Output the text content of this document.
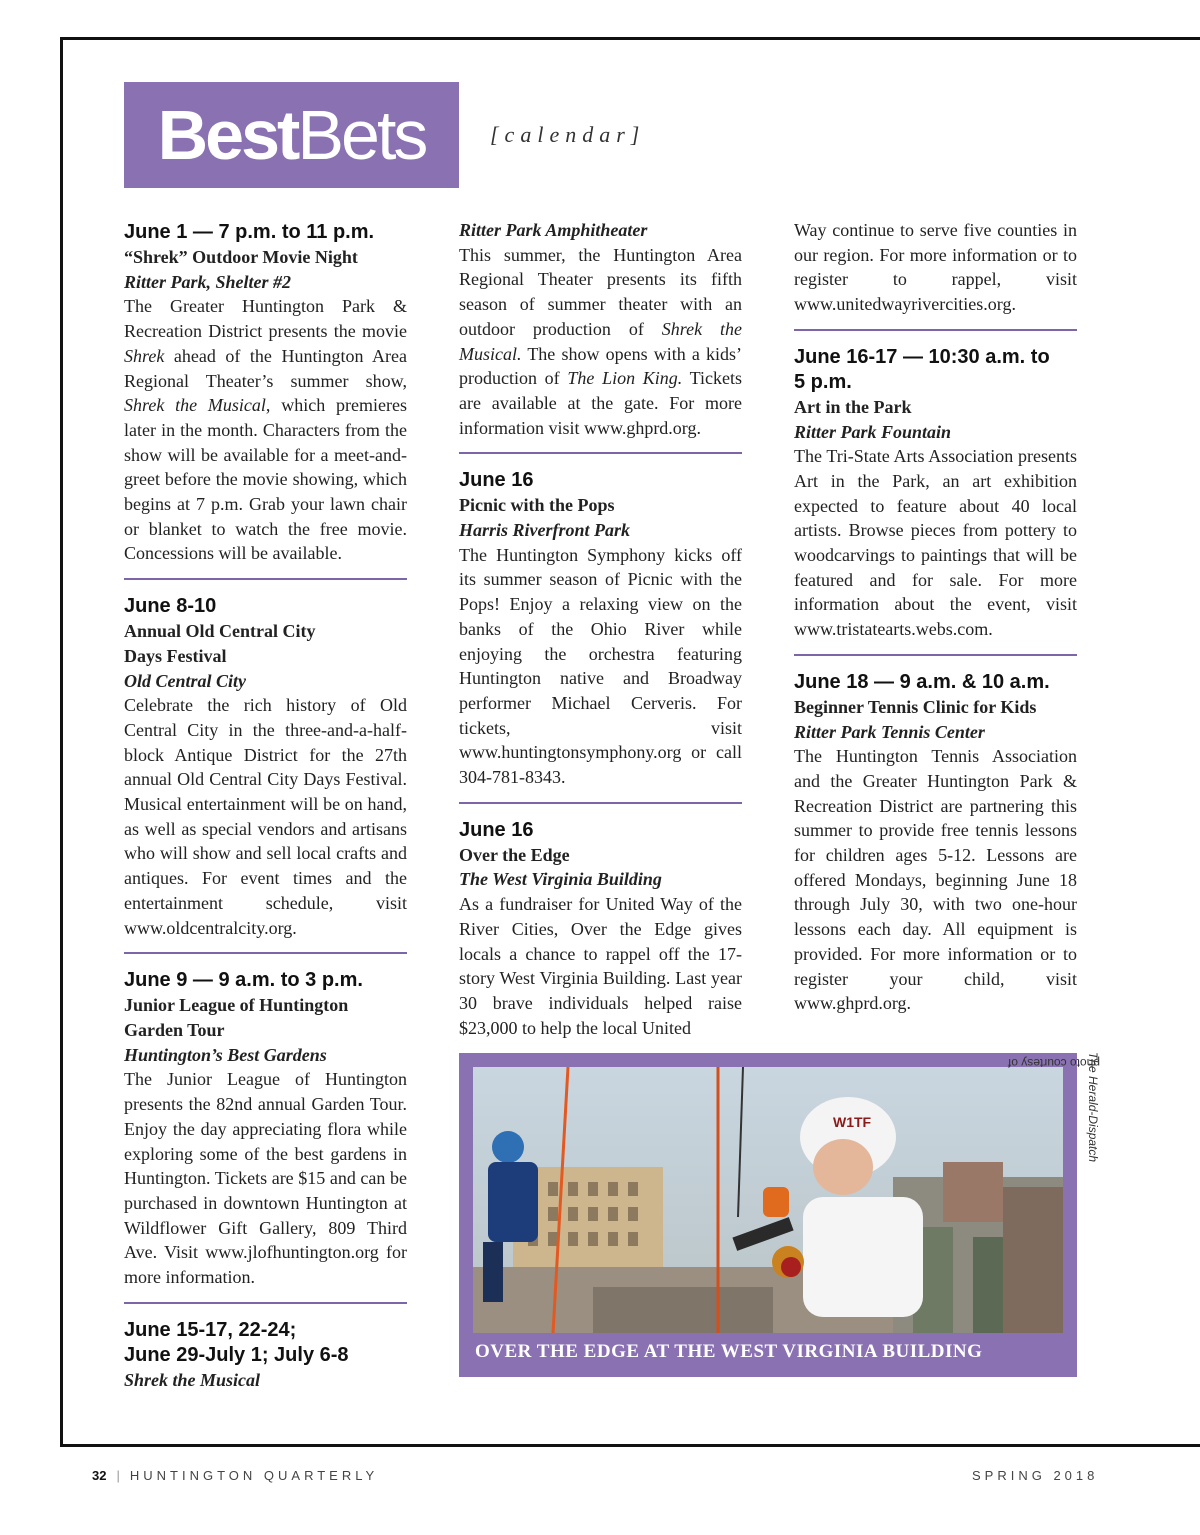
BestBets	[calendar]
June 1 — 7 p.m. to 11 p.m.
“Shrek” Outdoor Movie Night
Ritter Park, Shelter #2
The Greater Huntington Park & Recreation District presents the movie Shrek ahead of the Huntington Area Regional Theater’s summer show, Shrek the Musical, which premieres later in the month. Characters from the show will be available for a meet-and-greet before the movie showing, which begins at 7 p.m. Grab your lawn chair or blanket to watch the free movie. Concessions will be available.
June 8-10
Annual Old Central City
Days Festival
Old Central City
Celebrate the rich history of Old Central City in the three-and-a-half-block Antique District for the 27th annual Old Central City Days Festival. Musical entertainment will be on hand, as well as special vendors and artisans who will show and sell local crafts and antiques. For event times and the entertainment schedule, visit www.oldcentralcity.org.
June 9 — 9 a.m. to 3 p.m.
Junior League of Huntington
Garden Tour
Huntington’s Best Gardens
The Junior League of Huntington presents the 82nd annual Garden Tour. Enjoy the day appreciating flora while exploring some of the best gardens in Huntington. Tickets are $15 and can be purchased in downtown Huntington at Wildflower Gift Gallery, 809 Third Ave. Visit www.jlofhuntington.org for more information.
June 15-17, 22-24;
June 29-July 1; July 6-8
Shrek the Musical
Ritter Park Amphitheater
This summer, the Huntington Area Regional Theater presents its fifth season of summer theater with an outdoor production of Shrek the Musical. The show opens with a kids’ production of The Lion King. Tickets are available at the gate. For more information visit www.ghprd.org.
June 16
Picnic with the Pops
Harris Riverfront Park
The Huntington Symphony kicks off its summer season of Picnic with the Pops! Enjoy a relaxing view on the banks of the Ohio River while enjoying the orchestra featuring Huntington native and Broadway performer Michael Cerveris. For tickets, visit www.huntingtonsymphony.org or call 304-781-8343.
June 16
Over the Edge
The West Virginia Building
As a fundraiser for United Way of the River Cities, Over the Edge gives locals a chance to rappel off the 17-story West Virginia Building. Last year 30 brave individuals helped raise $23,000 to help the local United
Way continue to serve five counties in our region. For more information or to register to rappel, visit www.unitedwayrivercities.org.
June 16-17 — 10:30 a.m. to
5 p.m.
Art in the Park
Ritter Park Fountain
The Tri-State Arts Association presents Art in the Park, an art exhibition expected to feature about 40 local artists. Browse pieces from pottery to woodcarvings to paintings that will be featured and for sale. For more information about the event, visit www.tristatearts.webs.com.
June 18 — 9 a.m. & 10 a.m.
Beginner Tennis Clinic for Kids
Ritter Park Tennis Center
The Huntington Tennis Association and the Greater Huntington Park & Recreation District are partnering this summer to provide free tennis lessons for children ages 5-12. Lessons are offered Mondays, beginning June 18 through July 30, with two one-hour lessons each day. All equipment is provided. For more information or to register your child, visit www.ghprd.org.
W1TF
OVER THE EDGE AT THE WEST VIRGINIA BUILDING
photo courtesy of
The Herald-Dispatch
32 | HUNTINGTON QUARTERLY	SPRING 2018
